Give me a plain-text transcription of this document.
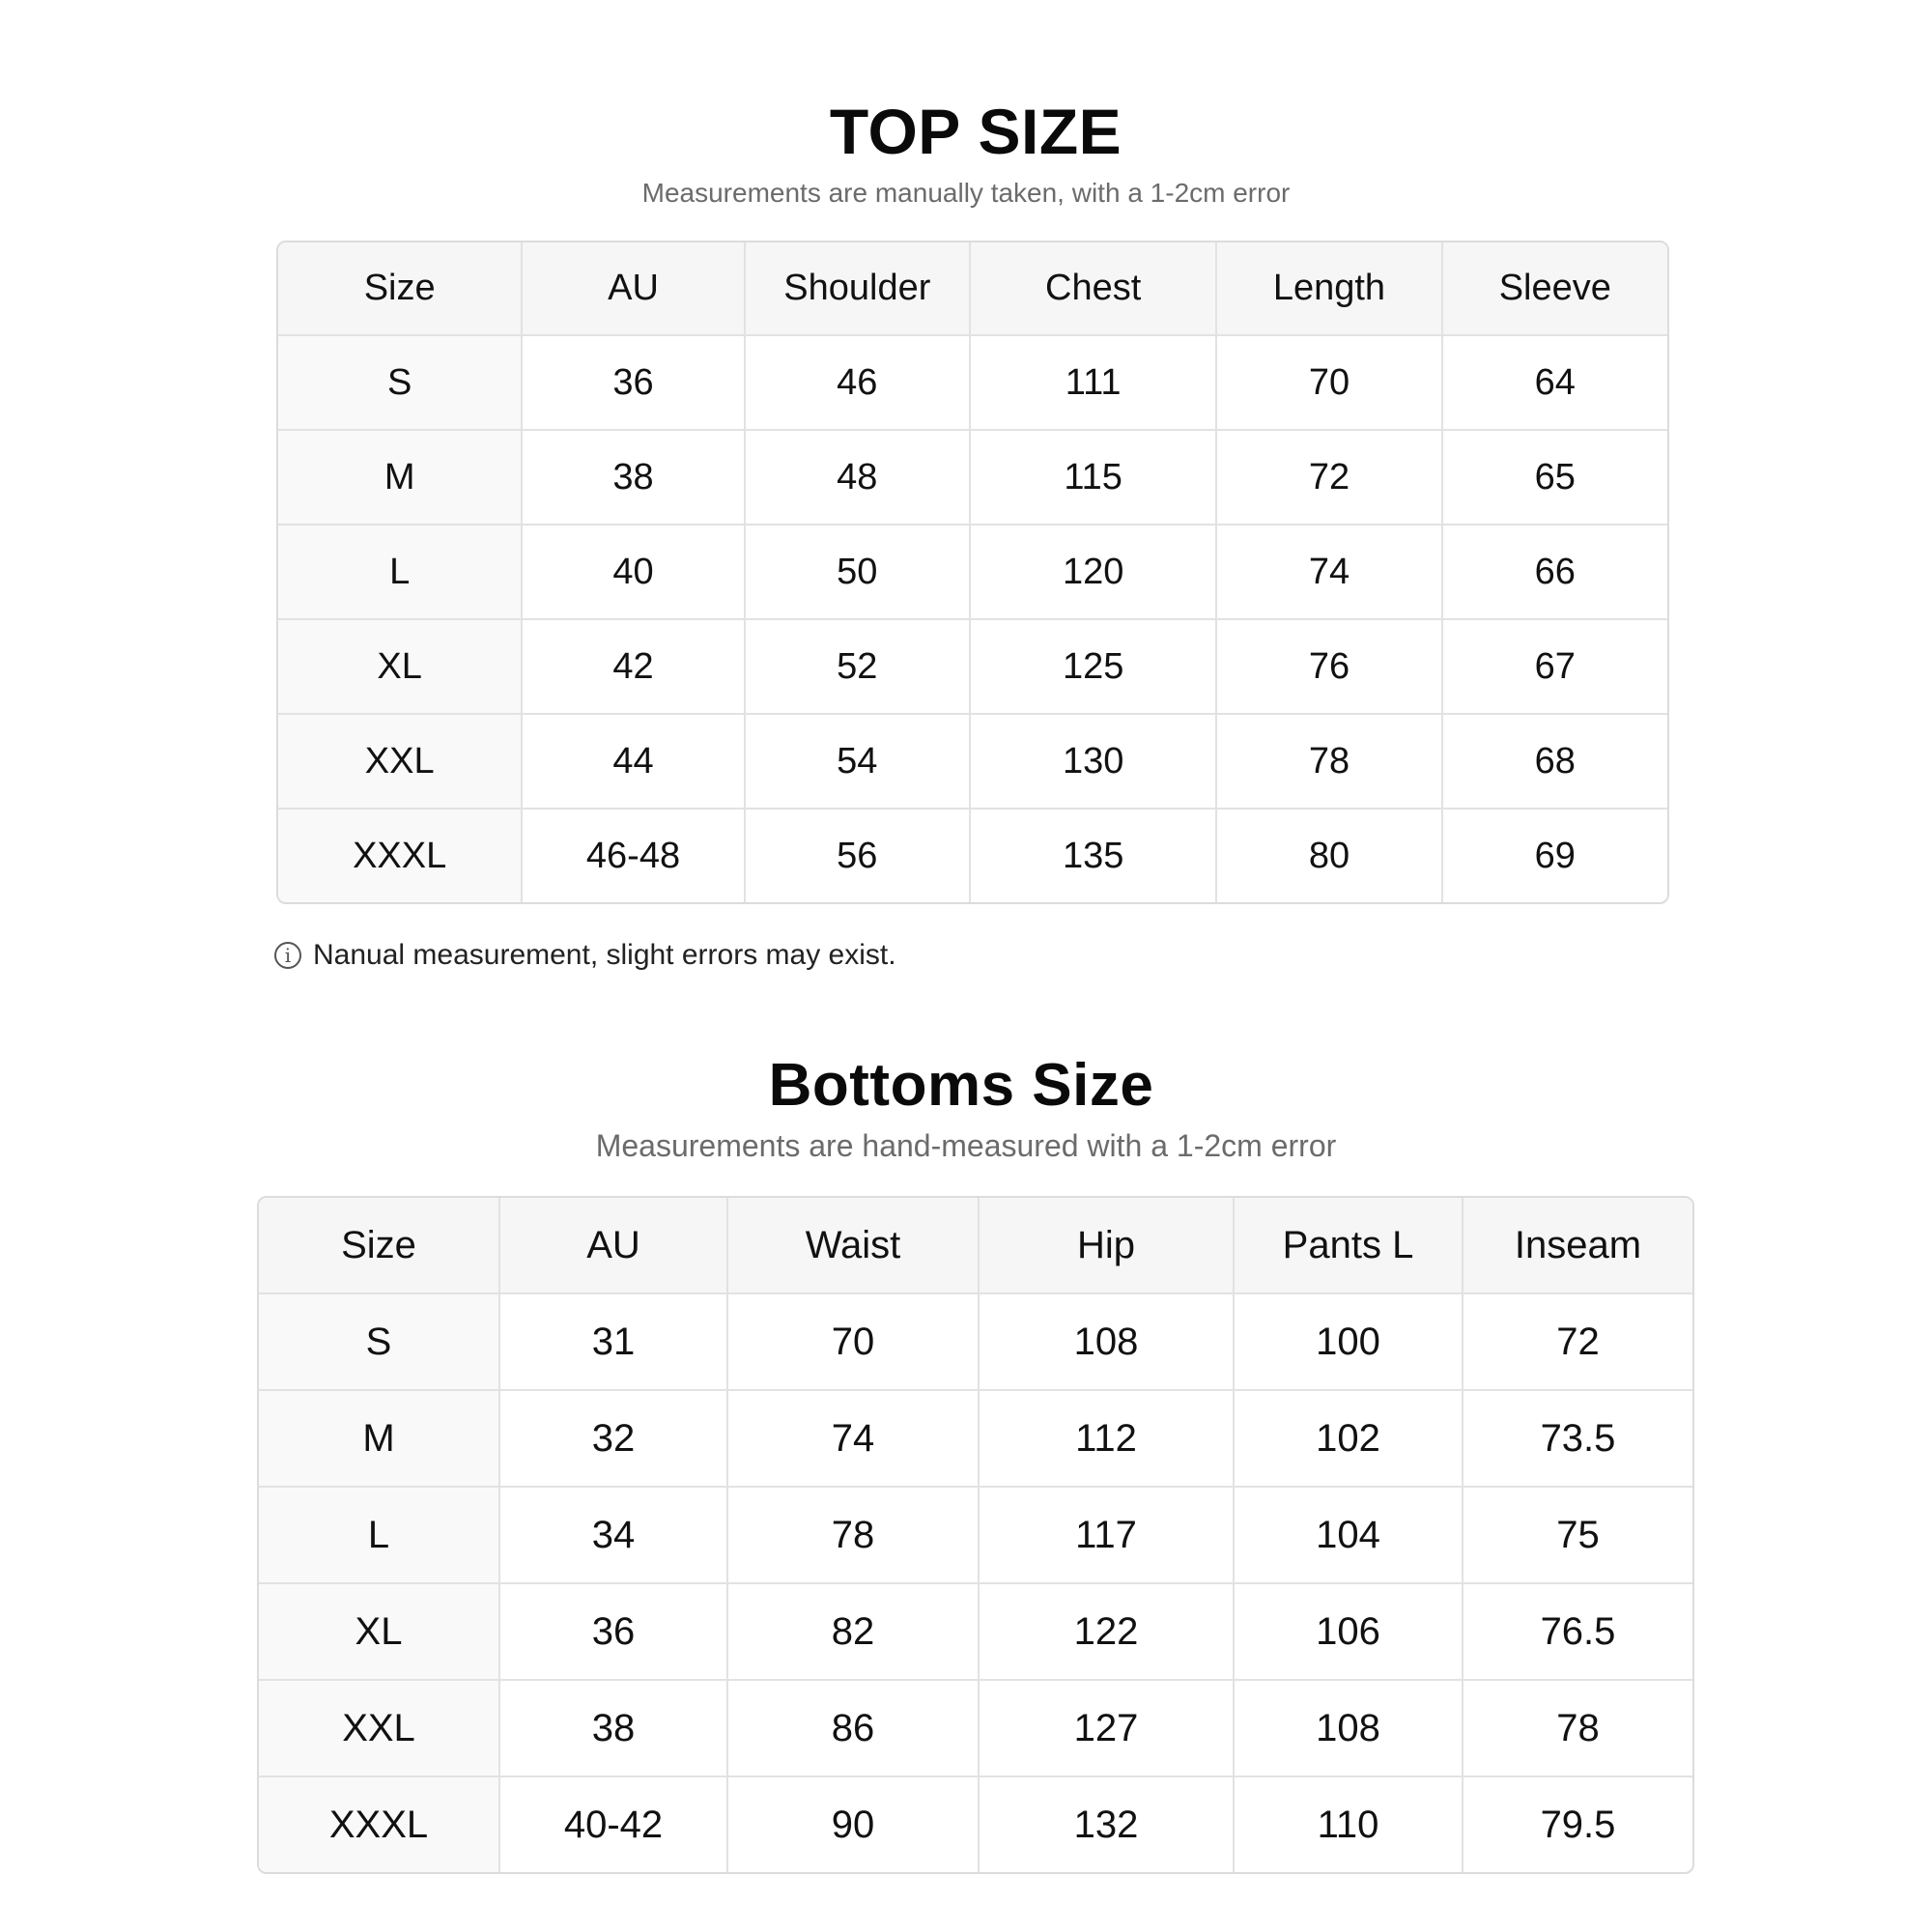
TOP SIZE
Measurements are manually taken, with a 1-2cm error
Size	AU	Shoulder	Chest	Length	Sleeve
S	36	46	111	70	64
M	38	48	115	72	65
L	40	50	120	74	66
XL	42	52	125	76	67
XXL	44	54	130	78	68
XXXL	46-48	56	135	80	69
i Nanual measurement, slight errors may exist.
Bottoms Size
Measurements are hand-measured with a 1-2cm error
Size	AU	Waist	Hip	Pants L	Inseam
S	31	70	108	100	72
M	32	74	112	102	73.5
L	34	78	117	104	75
XL	36	82	122	106	76.5
XXL	38	86	127	108	78
XXXL	40-42	90	132	110	79.5
